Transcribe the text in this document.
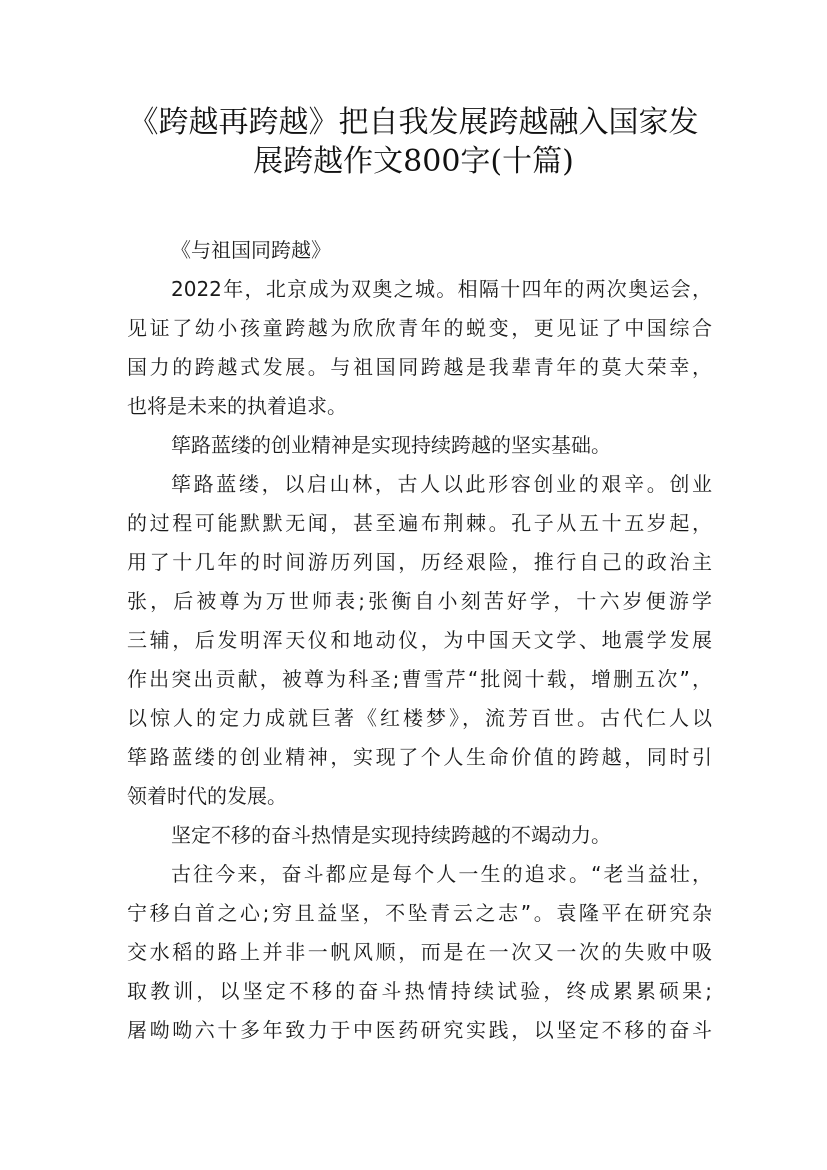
《跨越再跨越》把自我发展跨越融入国家发
展跨越作文800字(十篇)
《与祖国同跨越》
2022年，北京成为双奥之城。相隔十四年的两次奥运会，
见证了幼小孩童跨越为欣欣青年的蜕变，更见证了中国综合
国力的跨越式发展。与祖国同跨越是我辈青年的莫大荣幸，
也将是未来的执着追求。
筚路蓝缕的创业精神是实现持续跨越的坚实基础。
筚路蓝缕，以启山林，古人以此形容创业的艰辛。创业
的过程可能默默无闻，甚至遍布荆棘。孔子从五十五岁起，
用了十几年的时间游历列国，历经艰险，推行自己的政治主
张，后被尊为万世师表;张衡自小刻苦好学，十六岁便游学
三辅，后发明浑天仪和地动仪，为中国天文学、地震学发展
作出突出贡献，被尊为科圣;曹雪芹“批阅十载，增删五次”，
以惊人的定力成就巨著《红楼梦》，流芳百世。古代仁人以
筚路蓝缕的创业精神，实现了个人生命价值的跨越，同时引
领着时代的发展。
坚定不移的奋斗热情是实现持续跨越的不竭动力。
古往今来，奋斗都应是每个人一生的追求。“老当益壮，
宁移白首之心;穷且益坚，不坠青云之志”。袁隆平在研究杂
交水稻的路上并非一帆风顺，而是在一次又一次的失败中吸
取教训，以坚定不移的奋斗热情持续试验，终成累累硕果;
屠呦呦六十多年致力于中医药研究实践，以坚定不移的奋斗
